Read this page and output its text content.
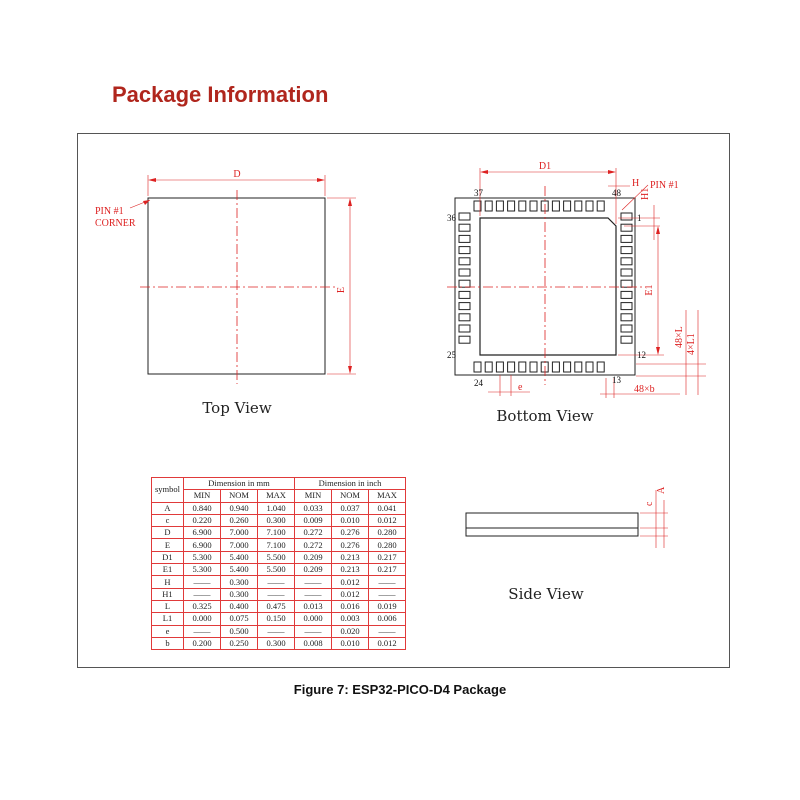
Package Information
D
E
PIN #1
CORNER
Top View
D1
H PIN #1
H1
E1
48×L 4×L1
e	48×b
37	48
36	1
25	12
24	13
Bottom View
c
A
Side View
symbol	Dimension in mm			Dimension in inch		
	MIN	NOM	MAX	MIN	NOM	MAX
A	0.840	0.940	1.040	0.033	0.037	0.041
c	0.220	0.260	0.300	0.009	0.010	0.012
D	6.900	7.000	7.100	0.272	0.276	0.280
E	6.900	7.000	7.100	0.272	0.276	0.280
D1	5.300	5.400	5.500	0.209	0.213	0.217
E1	5.300	5.400	5.500	0.209	0.213	0.217
H	——	0.300	——	——	0.012	——
H1	——	0.300	——	——	0.012	——
L	0.325	0.400	0.475	0.013	0.016	0.019
L1	0.000	0.075	0.150	0.000	0.003	0.006
e	——	0.500	——	——	0.020	——
b	0.200	0.250	0.300	0.008	0.010	0.012
Figure 7: ESP32-PICO-D4 Package
